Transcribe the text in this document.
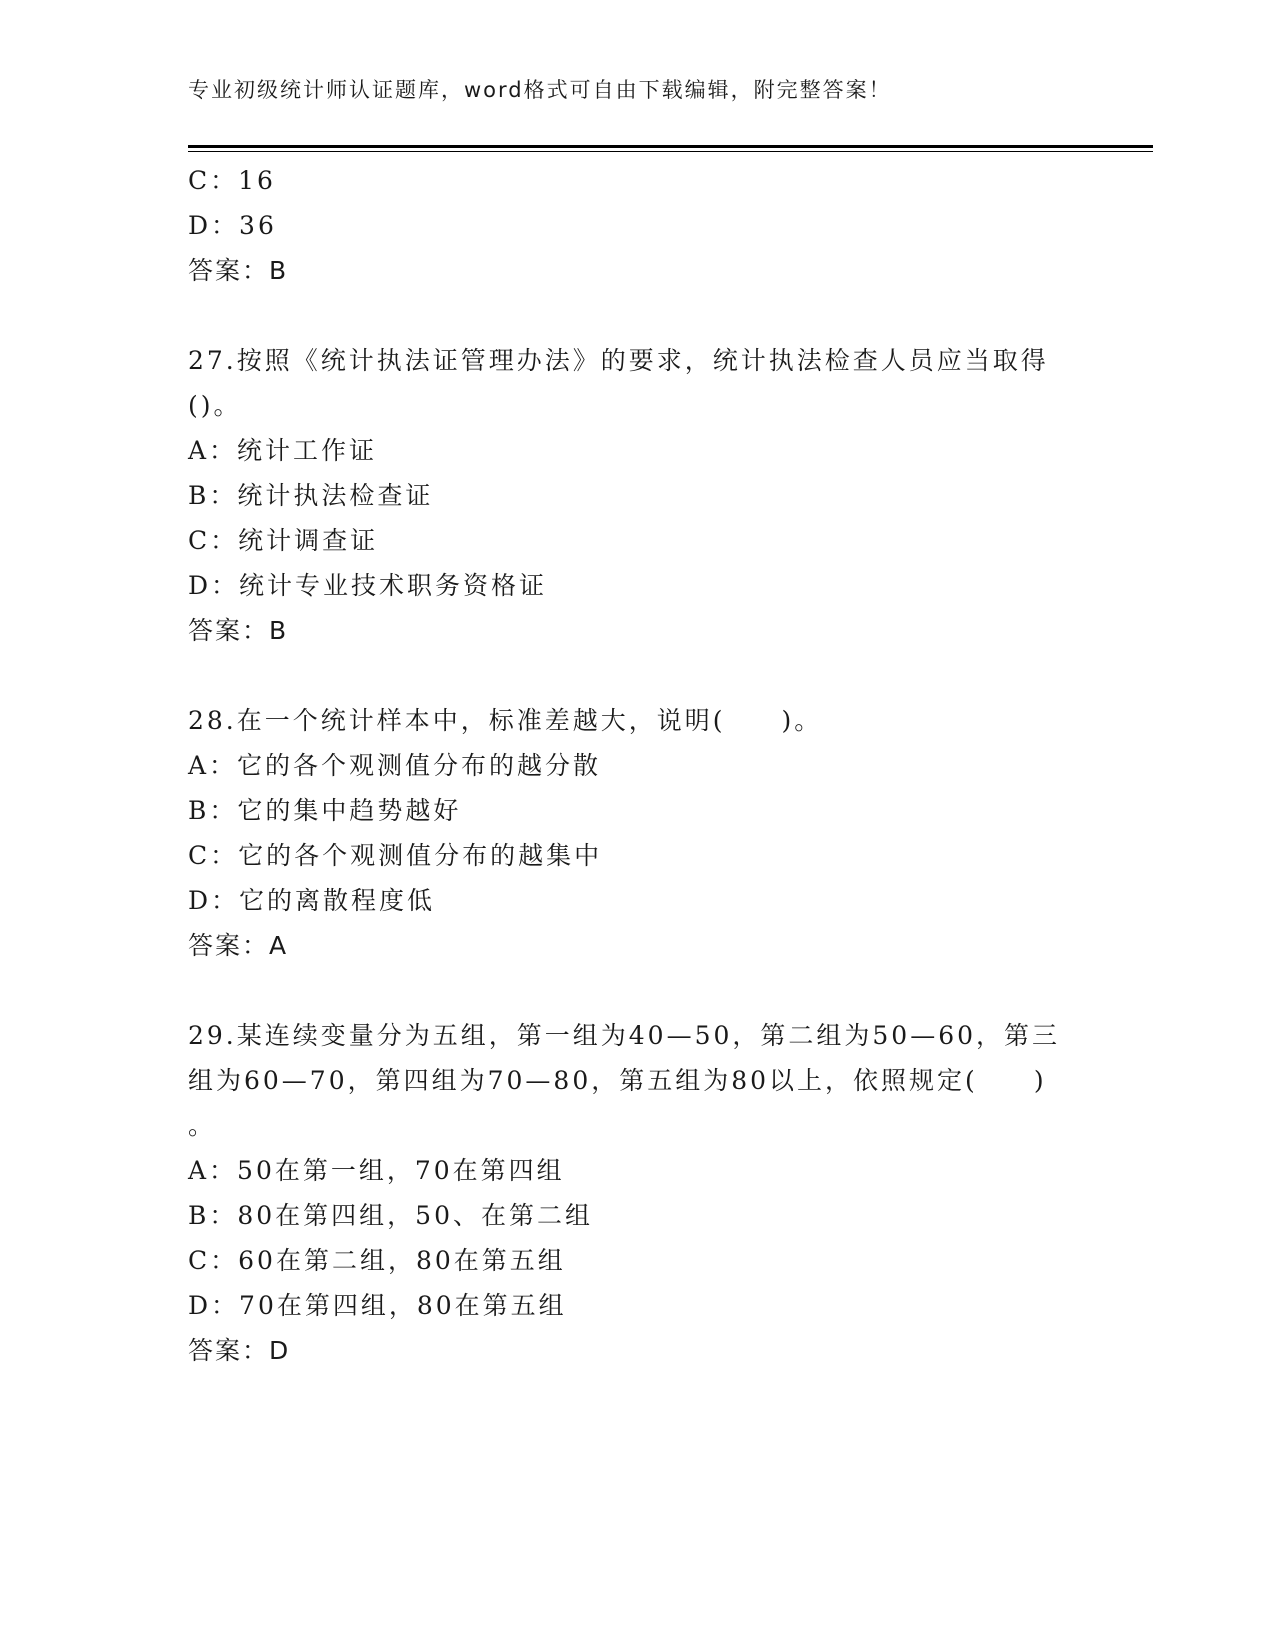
专业初级统计师认证题库，word格式可自由下载编辑，附完整答案！
C：16
D：36
答案：B
27.按照《统计执法证管理办法》的要求，统计执法检查人员应当取得
()。
A：统计工作证
B：统计执法检查证
C：统计调查证
D：统计专业技术职务资格证
答案：B
28.在一个统计样本中，标准差越大，说明(　　)。
A：它的各个观测值分布的越分散
B：它的集中趋势越好
C：它的各个观测值分布的越集中
D：它的离散程度低
答案：A
29.某连续变量分为五组，第一组为40—50，第二组为50—60，第三
组为60—70，第四组为70—80，第五组为80以上，依照规定(　　)
。
A：50在第一组，70在第四组
B：80在第四组，50、在第二组
C：60在第二组，80在第五组
D：70在第四组，80在第五组
答案：D
